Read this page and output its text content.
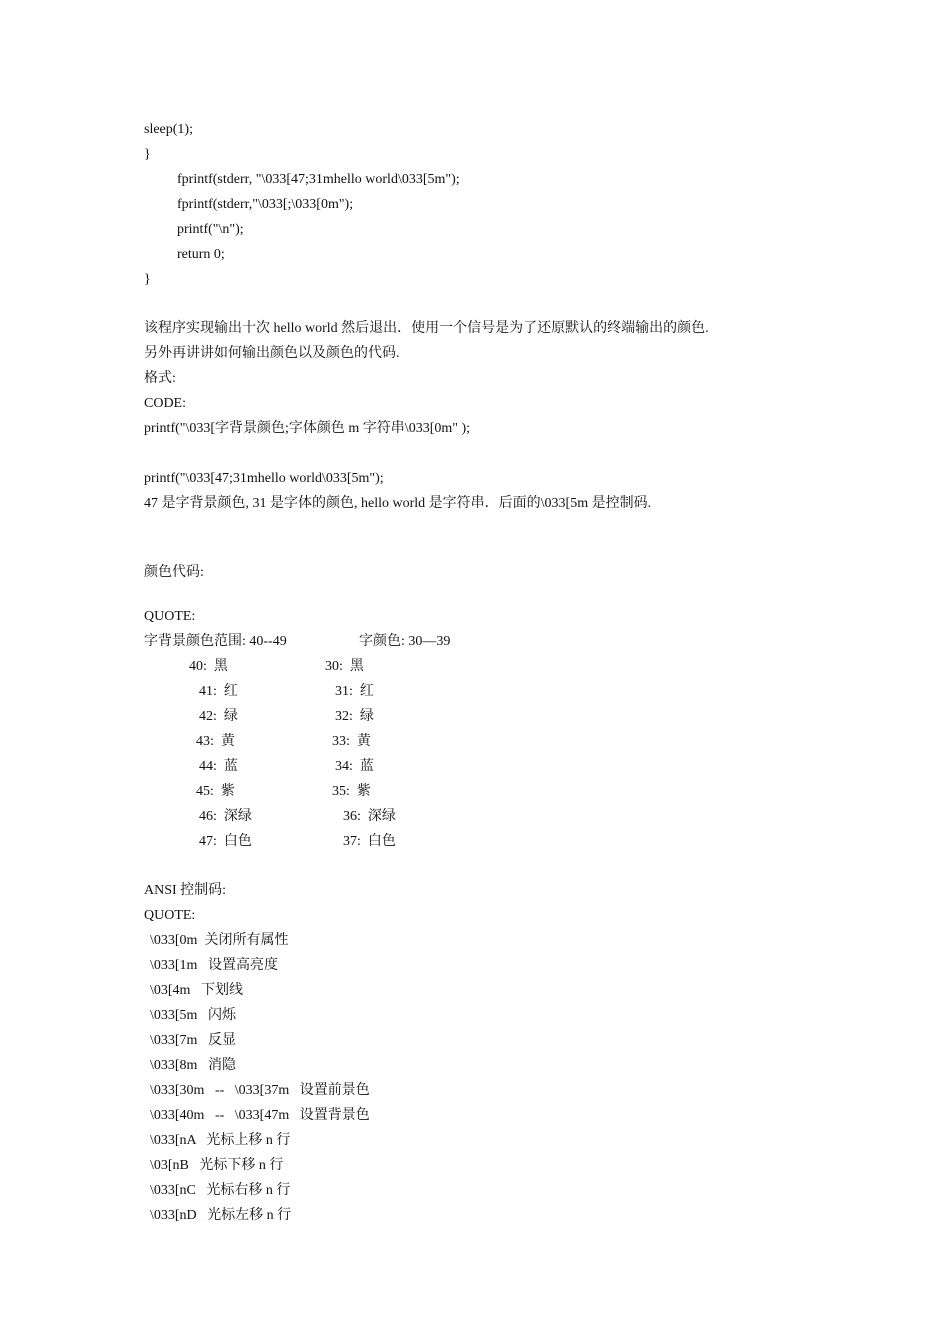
sleep(1);
}
fprintf(stderr, "\033[47;31mhello world\033[5m");
fprintf(stderr,"\033[;\033[0m");
printf("\n");
return 0;
}
该程序实现输出十次 hello world 然后退出．使用一个信号是为了还原默认的终端输出的颜色.
另外再讲讲如何输出颜色以及颜色的代码.
格式:
CODE:
printf("\033[字背景颜色;字体颜色 m 字符串\033[0m" );
printf("\033[47;31mhello world\033[5m");
47 是字背景颜色, 31 是字体的颜色, hello world 是字符串．后面的\033[5m 是控制码.
颜色代码:
QUOTE:
字背景颜色范围: 40--49	字颜色: 30—39
40:  黑	30:  黑
41:  红	31:  红
42:  绿	32:  绿
43:  黄	33:  黄
44:  蓝	34:  蓝
45:  紫	35:  紫
46:  深绿	36:  深绿
47:  白色	37:  白色
ANSI 控制码:
QUOTE:
\033[0m  关闭所有属性
\033[1m   设置高亮度
\03[4m   下划线
\033[5m   闪烁
\033[7m   反显
\033[8m   消隐
\033[30m   --   \033[37m   设置前景色
\033[40m   --   \033[47m   设置背景色
\033[nA   光标上移 n 行
\03[nB   光标下移 n 行
\033[nC   光标右移 n 行
\033[nD   光标左移 n 行
